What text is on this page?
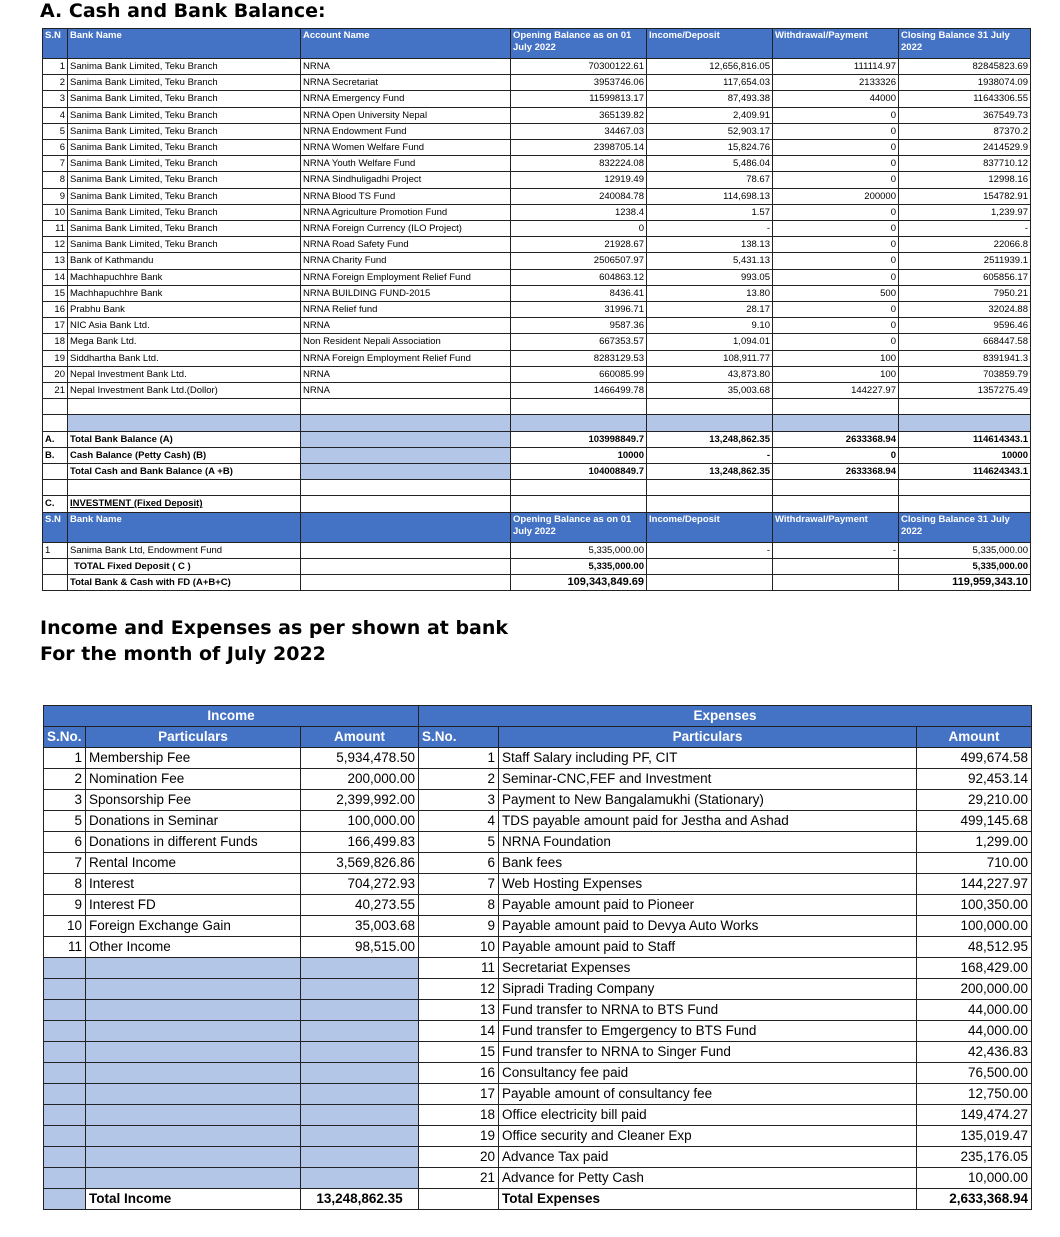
A. Cash and Bank Balance:
S.N	Bank Name	Account Name	Opening Balance as on 01 July 2022	Income/Deposit	Withdrawal/Payment	Closing Balance 31 July 2022
1	Sanima Bank Limited, Teku Branch	NRNA	70300122.61	12,656,816.05	111114.97	82845823.69
2	Sanima Bank Limited, Teku Branch	NRNA Secretariat	3953746.06	117,654.03	2133326	1938074.09
3	Sanima Bank Limited, Teku Branch	NRNA Emergency Fund	11599813.17	87,493.38	44000	11643306.55
4	Sanima Bank Limited, Teku Branch	NRNA Open University Nepal	365139.82	2,409.91	0	367549.73
5	Sanima Bank Limited, Teku Branch	NRNA Endowment Fund	34467.03	52,903.17	0	87370.2
6	Sanima Bank Limited, Teku Branch	NRNA Women Welfare Fund	2398705.14	15,824.76	0	2414529.9
7	Sanima Bank Limited, Teku Branch	NRNA Youth Welfare Fund	832224.08	5,486.04	0	837710.12
8	Sanima Bank Limited, Teku Branch	NRNA Sindhuligadhi Project	12919.49	78.67	0	12998.16
9	Sanima Bank Limited, Teku Branch	NRNA Blood TS Fund	240084.78	114,698.13	200000	154782.91
10	Sanima Bank Limited, Teku Branch	NRNA Agriculture Promotion Fund	1238.4	1.57	0	1,239.97
11	Sanima Bank Limited, Teku Branch	NRNA Foreign Currency (ILO Project)	0	-	0	-
12	Sanima Bank Limited, Teku Branch	NRNA Road Safety Fund	21928.67	138.13	0	22066.8
13	Bank of Kathmandu	NRNA Charity Fund	2506507.97	5,431.13	0	2511939.1
14	Machhapuchhre Bank	NRNA Foreign Employment Relief Fund	604863.12	993.05	0	605856.17
15	Machhapuchhre Bank	NRNA BUILDING FUND-2015	8436.41	13.80	500	7950.21
16	Prabhu Bank	NRNA Relief fund	31996.71	28.17	0	32024.88
17	NIC Asia Bank Ltd.	NRNA	9587.36	9.10	0	9596.46
18	Mega Bank Ltd.	Non Resident Nepali Association	667353.57	1,094.01	0	668447.58
19	Siddhartha Bank Ltd.	NRNA Foreign Employment Relief Fund	8283129.53	108,911.77	100	8391941.3
20	Nepal Investment Bank Ltd.	NRNA	660085.99	43,873.80	100	703859.79
21	Nepal Investment Bank Ltd.(Dollor)	NRNA	1466499.78	35,003.68	144227.97	1357275.49

A.	Total Bank Balance (A)		103998849.7	13,248,862.35	2633368.94	114614343.1
B.	Cash Balance (Petty Cash) (B)		10000	-	0	10000
	Total Cash and Bank Balance (A +B)		104008849.7	13,248,862.35	2633368.94	114624343.1

C.	INVESTMENT (Fixed Deposit)					
S.N	Bank Name		Opening Balance as on 01 July 2022	Income/Deposit	Withdrawal/Payment	Closing Balance 31 July 2022
1	Sanima Bank Ltd, Endowment Fund		5,335,000.00	-	-	5,335,000.00
	TOTAL Fixed Deposit ( C )		5,335,000.00			5,335,000.00
	Total Bank & Cash with FD (A+B+C)		109,343,849.69			119,959,343.10
Income and Expenses as per shown at bank
For the month of July 2022
Income			Expenses		
S.No.	Particulars	Amount	S.No.	Particulars	Amount
1	Membership Fee	5,934,478.50	1	Staff Salary including PF, CIT	499,674.58
2	Nomination Fee	200,000.00	2	Seminar-CNC,FEF and Investment	92,453.14
3	Sponsorship Fee	2,399,992.00	3	Payment to New Bangalamukhi (Stationary)	29,210.00
5	Donations in Seminar	100,000.00	4	TDS payable amount paid for Jestha and Ashad	499,145.68
6	Donations in different Funds	166,499.83	5	NRNA Foundation	1,299.00
7	Rental Income	3,569,826.86	6	Bank fees	710.00
8	Interest	704,272.93	7	Web Hosting Expenses	144,227.97
9	Interest FD	40,273.55	8	Payable amount paid to Pioneer	100,350.00
10	Foreign Exchange Gain	35,003.68	9	Payable amount paid to Devya Auto Works	100,000.00
11	Other Income	98,515.00	10	Payable amount paid to Staff	48,512.95
			11	Secretariat Expenses	168,429.00
			12	Sipradi Trading Company	200,000.00
			13	Fund transfer to NRNA to BTS Fund	44,000.00
			14	Fund transfer to Emgergency to BTS Fund	44,000.00
			15	Fund transfer to NRNA to Singer Fund	42,436.83
			16	Consultancy fee paid	76,500.00
			17	Payable amount of consultancy fee	12,750.00
			18	Office electricity bill paid	149,474.27
			19	Office security and Cleaner Exp	135,019.47
			20	Advance Tax paid	235,176.05
			21	Advance for Petty Cash	10,000.00
	Total Income	13,248,862.35		Total Expenses	2,633,368.94
